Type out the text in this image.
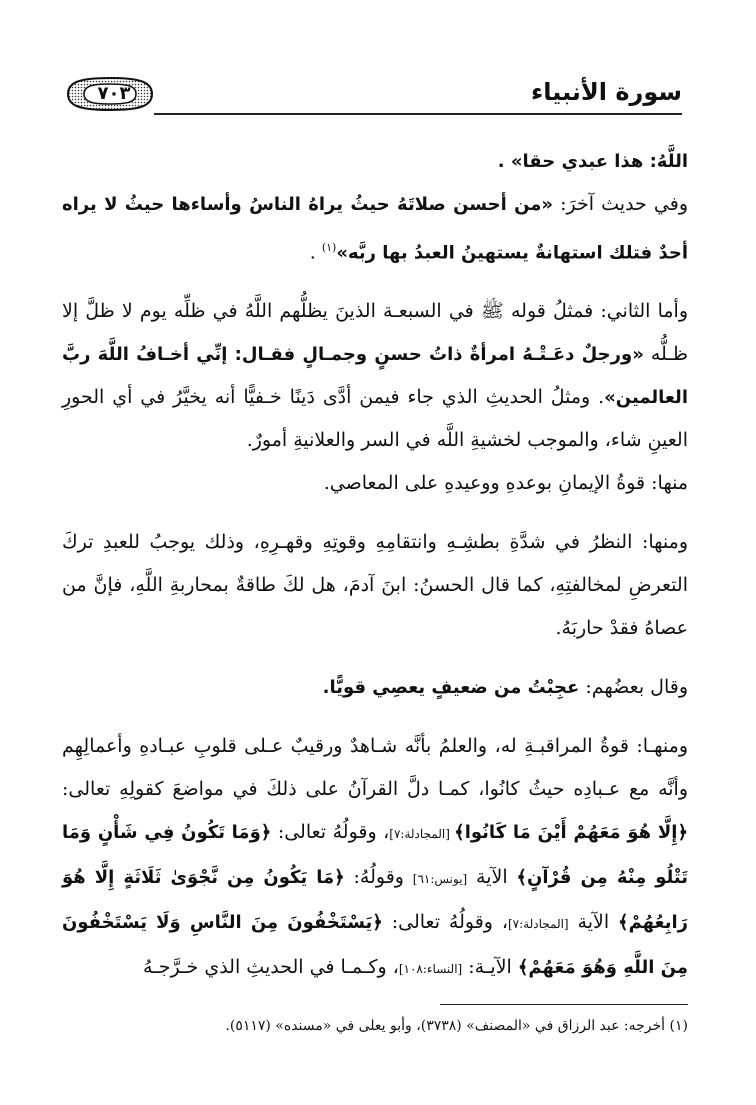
٧٠٣	سورة الأنبياء

اللَّهُ: هذا عبدي حقا» .

وفي حديث آخرَ: «من أحسن صلاتَهُ حيثُ يراهُ الناسُ وأساءها حيثُ لا يراه أحدٌ فتلك استهانةٌ يستهينُ العبدُ بها ربَّه»$^{(١)}$ .

وأما الثاني: فمثلُ قوله ﷺ في السبعـة الذينَ يظلُّهم اللَّهُ في ظلِّه يوم لا ظلَّ إلا ظـلُّه «ورجلٌ دعَـتْـهُ امرأةٌ ذاتُ حسنٍ وجمـالٍ فقـال: إنِّي أخـافُ اللَّهَ ربَّ العالمين». ومثلُ الحديثِ الذي جاء فيمن أدَّى دَينًا خـفيًّا أنه يخيَّرُ في أي الحورِ العينِ شاء، والموجب لخشيةِ اللَّه في السر والعلانيةِ أمورٌ.

منها: قوةُ الإيمانِ بوعدهِ ووعيدهِ على المعاصي.

ومنها: النظرُ في شدَّةِ بطشِـهِ وانتقامِهِ وقوتِهِ وقهـرِهِ، وذلك يوجبُ للعبدِ تركَ التعرضِ لمخالفتِهِ، كما قال الحسنُ: ابنَ آدمَ، هل لكَ طاقةٌ بمحاربةِ اللَّهِ، فإنَّ من عصاهُ فقدْ حاربَهُ.

وقال بعضُهم: عجِبْتُ من ضعيفٍ يعصِي قويًّا.

ومنهـا: قوةُ المراقبـةِ له، والعلمُ بأنَّه شـاهدٌ ورقيبٌ عـلى قلوبِ عبـادهِ وأعمالِهِم وأنَّه مع عـبادِه حيثُ كانُوا، كمـا دلَّ القرآنُ على ذلكَ في مواضعَ كقولِهِ تعالى: ﴿إِلَّا هُوَ مَعَهُمْ أَيْنَ مَا كَانُوا﴾ [المجادلة:٧]، وقولُهُ تعالى: ﴿وَمَا تَكُونُ فِي شَأْنٍ وَمَا تَتْلُو مِنْهُ مِن قُرْآنٍ﴾ الآية [يونس:٦١] وقولُهُ: ﴿مَا يَكُونُ مِن نَّجْوَىٰ ثَلَاثَةٍ إِلَّا هُوَ رَابِعُهُمْ﴾ الآية [المجادلة:٧]، وقولُهُ تعالى: ﴿يَسْتَخْفُونَ مِنَ النَّاسِ وَلَا يَسْتَخْفُونَ مِنَ اللَّهِ وَهُوَ مَعَهُمْ﴾ الآيـة: [النساء:١٠٨]، وكـمـا في الحديثِ الذي خـرَّجـهُ

(١) أخرجه: عبد الرزاق في «المصنف» (٣٧٣٨)، وأبو يعلى في «مسنده» (٥١١٧).
